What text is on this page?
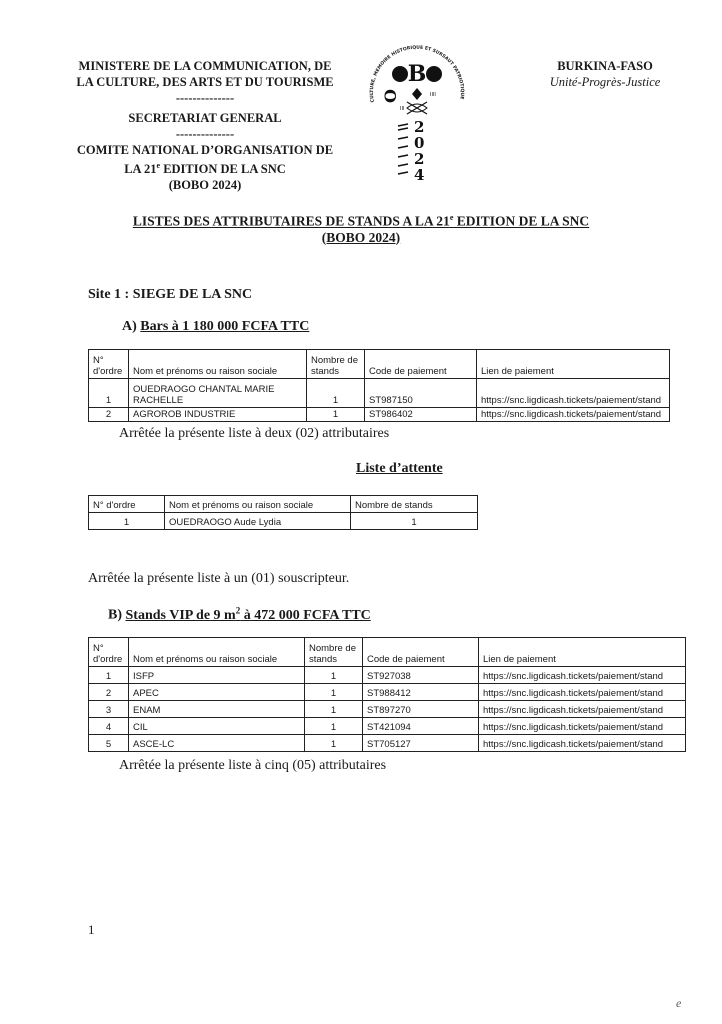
MINISTERE DE LA COMMUNICATION, DE
LA CULTURE, DES ARTS ET DU TOURISME
--------------
SECRETARIAT GENERAL
--------------
COMITE NATIONAL D’ORGANISATION DE
LA 21e EDITION DE LA SNC
(BOBO 2024)
CULTURE, MEMOIRE HISTORIQUE ET SURSAUT PATRIOTIQUE
B
O
III
IIII
2
0
2
4
BURKINA-FASO
Unité-Progrès-Justice
LISTES DES ATTRIBUTAIRES DE STANDS A LA 21e EDITION DE LA SNC
(BOBO 2024)
Site 1 : SIEGE DE LA SNC
A) Bars à 1 180 000 FCFA TTC
N° d'ordre	Nom et prénoms ou raison sociale	Nombre de stands	Code de paiement	Lien de paiement
1	OUEDRAOGO CHANTAL MARIE RACHELLE	1	ST987150	https://snc.ligdicash.tickets/paiement/stand
2	AGROROB INDUSTRIE	1	ST986402	https://snc.ligdicash.tickets/paiement/stand
Arrêtée la présente liste à deux (02) attributaires
Liste d’attente
N° d'ordre	Nom et prénoms ou raison sociale	Nombre de stands
1	OUEDRAOGO Aude Lydia	1
Arrêtée la présente liste à un (01) souscripteur.
B) Stands VIP de 9 $m^2$ à 472 000 FCFA TTC
N° d'ordre	Nom et prénoms ou raison sociale	Nombre de stands	Code de paiement	Lien de paiement
1	ISFP	1	ST927038	https://snc.ligdicash.tickets/paiement/stand
2	APEC	1	ST988412	https://snc.ligdicash.tickets/paiement/stand
3	ENAM	1	ST897270	https://snc.ligdicash.tickets/paiement/stand
4	CIL	1	ST421094	https://snc.ligdicash.tickets/paiement/stand
5	ASCE-LC	1	ST705127	https://snc.ligdicash.tickets/paiement/stand
Arrêtée la présente liste à cinq (05) attributaires
1
e
